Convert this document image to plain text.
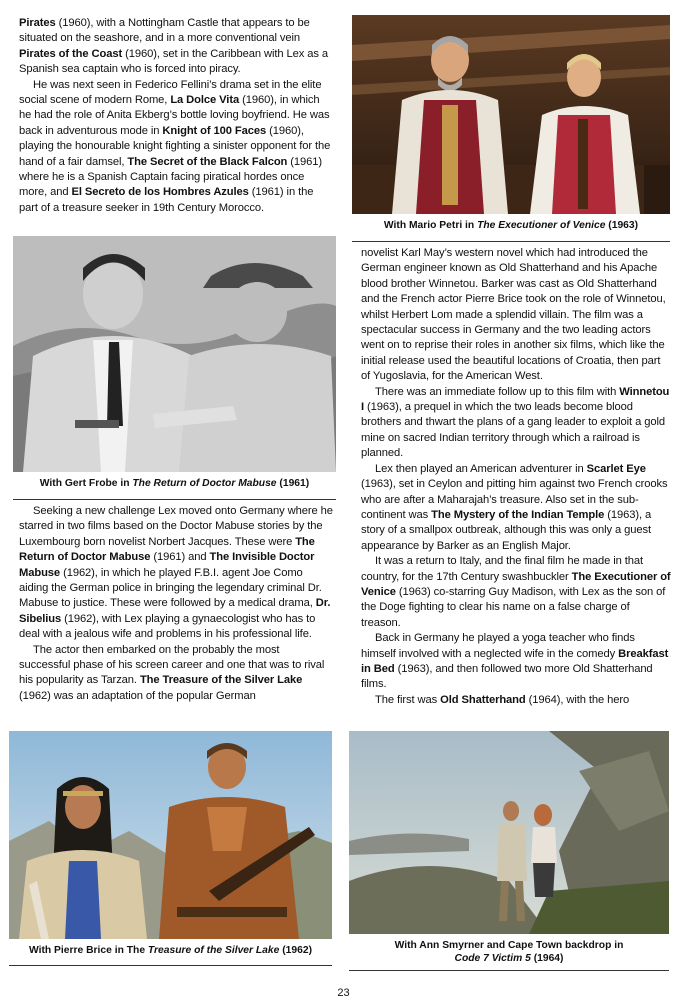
Pirates (1960), with a Nottingham Castle that appears to be situated on the seashore, and in a more conventional vein Pirates of the Coast (1960), set in the Caribbean with Lex as a Spanish sea captain who is forced into piracy.

He was next seen in Federico Fellini’s drama set in the elite social scene of modern Rome, La Dolce Vita (1960), in which he had the role of Anita Ekberg’s bottle loving boyfriend. He was back in adventurous mode in Knight of 100 Faces (1960), playing the honourable knight fighting a sinister opponent for the hand of a fair damsel, The Secret of the Black Falcon (1961) where he is a Spanish Captain facing piratical hordes once more, and El Secreto de los Hombres Azules (1961) in the part of a treasure seeker in 19th Century Morocco.

With Mario Petri in The Executioner of Venice (1963)
With Gert Frobe in The Return of Doctor Mabuse (1961)

Seeking a new challenge Lex moved onto Germany where he starred in two films based on the Doctor Mabuse stories by the Luxembourg born novelist Norbert Jacques. These were The Return of Doctor Mabuse (1961) and The Invisible Doctor Mabuse (1962), in which he played F.B.I. agent Joe Como aiding the German police in bringing the legendary criminal Dr. Mabuse to justice. These were followed by a medical drama, Dr. Sibelius (1962), with Lex playing a gynaecologist who has to deal with a jealous wife and problems in his professional life.

The actor then embarked on the probably the most successful phase of his screen career and one that was to rival his popularity as Tarzan. The Treasure of the Silver Lake (1962) was an adaptation of the popular German

novelist Karl May’s western novel which had introduced the German engineer known as Old Shatterhand and his Apache blood brother Winnetou. Barker was cast as Old Shatterhand and the French actor Pierre Brice took on the role of Winnetou, whilst Herbert Lom made a splendid villain. The film was a spectacular success in Germany and the two leading actors went on to reprise their roles in another six films, which like the initial release used the beautiful locations of Croatia, then part of Yugoslavia, for the American West.

There was an immediate follow up to this film with Winnetou I (1963), a prequel in which the two leads become blood brothers and thwart the plans of a gang leader to exploit a gold mine on sacred Indian territory through which a railroad is planned.

Lex then played an American adventurer in Scarlet Eye (1963), set in Ceylon and pitting him against two French crooks who are after a Maharajah’s treasure. Also set in the sub-continent was The Mystery of the Indian Temple (1963), a story of a smallpox outbreak, although this was only a guest appearance by Barker as an English Major.

It was a return to Italy, and the final film he made in that country, for the 17th Century swashbuckler The Executioner of Venice (1963) co-starring Guy Madison, with Lex as the son of the Doge fighting to clear his name on a false charge of treason.

Back in Germany he played a yoga teacher who finds himself involved with a neglected wife in the comedy Breakfast in Bed (1963), and then followed two more Old Shatterhand films.

The first was Old Shatterhand (1964), with the hero

With Pierre Brice in The Treasure of the Silver Lake (1962)	With Ann Smyrner and Cape Town backdrop in
Code 7 Victim 5 (1964)
23
